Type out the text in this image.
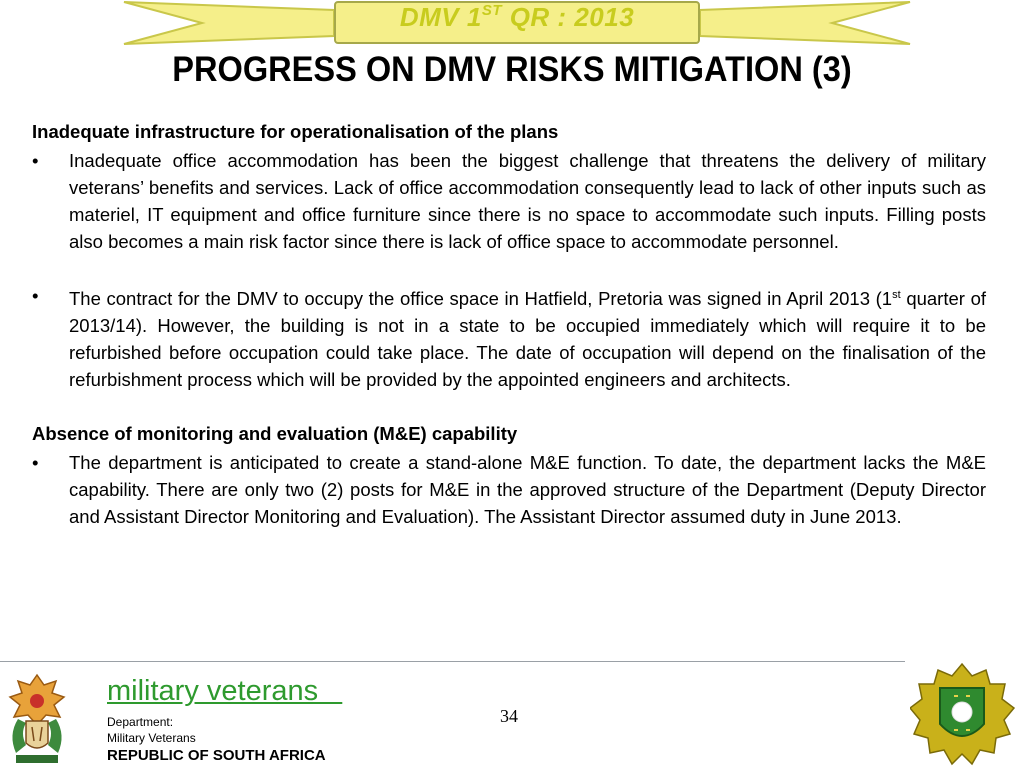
DMV 1ST QR : 2013
PROGRESS ON DMV RISKS MITIGATION (3)

Inadequate infrastructure for operationalisation of the plans

• Inadequate office accommodation has been the biggest challenge that threatens the delivery of military veterans’ benefits and services. Lack of office accommodation consequently lead to lack of other inputs such as materiel, IT equipment and office furniture since there is no space to accommodate such inputs. Filling posts also becomes a main risk factor since there is lack of office space to accommodate personnel.

• The contract for the DMV to occupy the office space in Hatfield, Pretoria was signed in April 2013 (1st quarter of 2013/14). However, the building is not in a state to be occupied immediately which will require it to be refurbished before occupation could take place. The date of occupation will depend on the finalisation of the refurbishment process which will be provided by the appointed engineers and architects.

Absence of monitoring and evaluation (M&E) capability

• The department is anticipated to create a stand-alone M&E function. To date, the department lacks the M&E capability. There are only two (2) posts for M&E in the approved structure of the Department (Deputy Director and Assistant Director Monitoring and Evaluation). The Assistant Director assumed duty in June 2013.

military veterans
Department:
Military Veterans
REPUBLIC OF SOUTH AFRICA
34
